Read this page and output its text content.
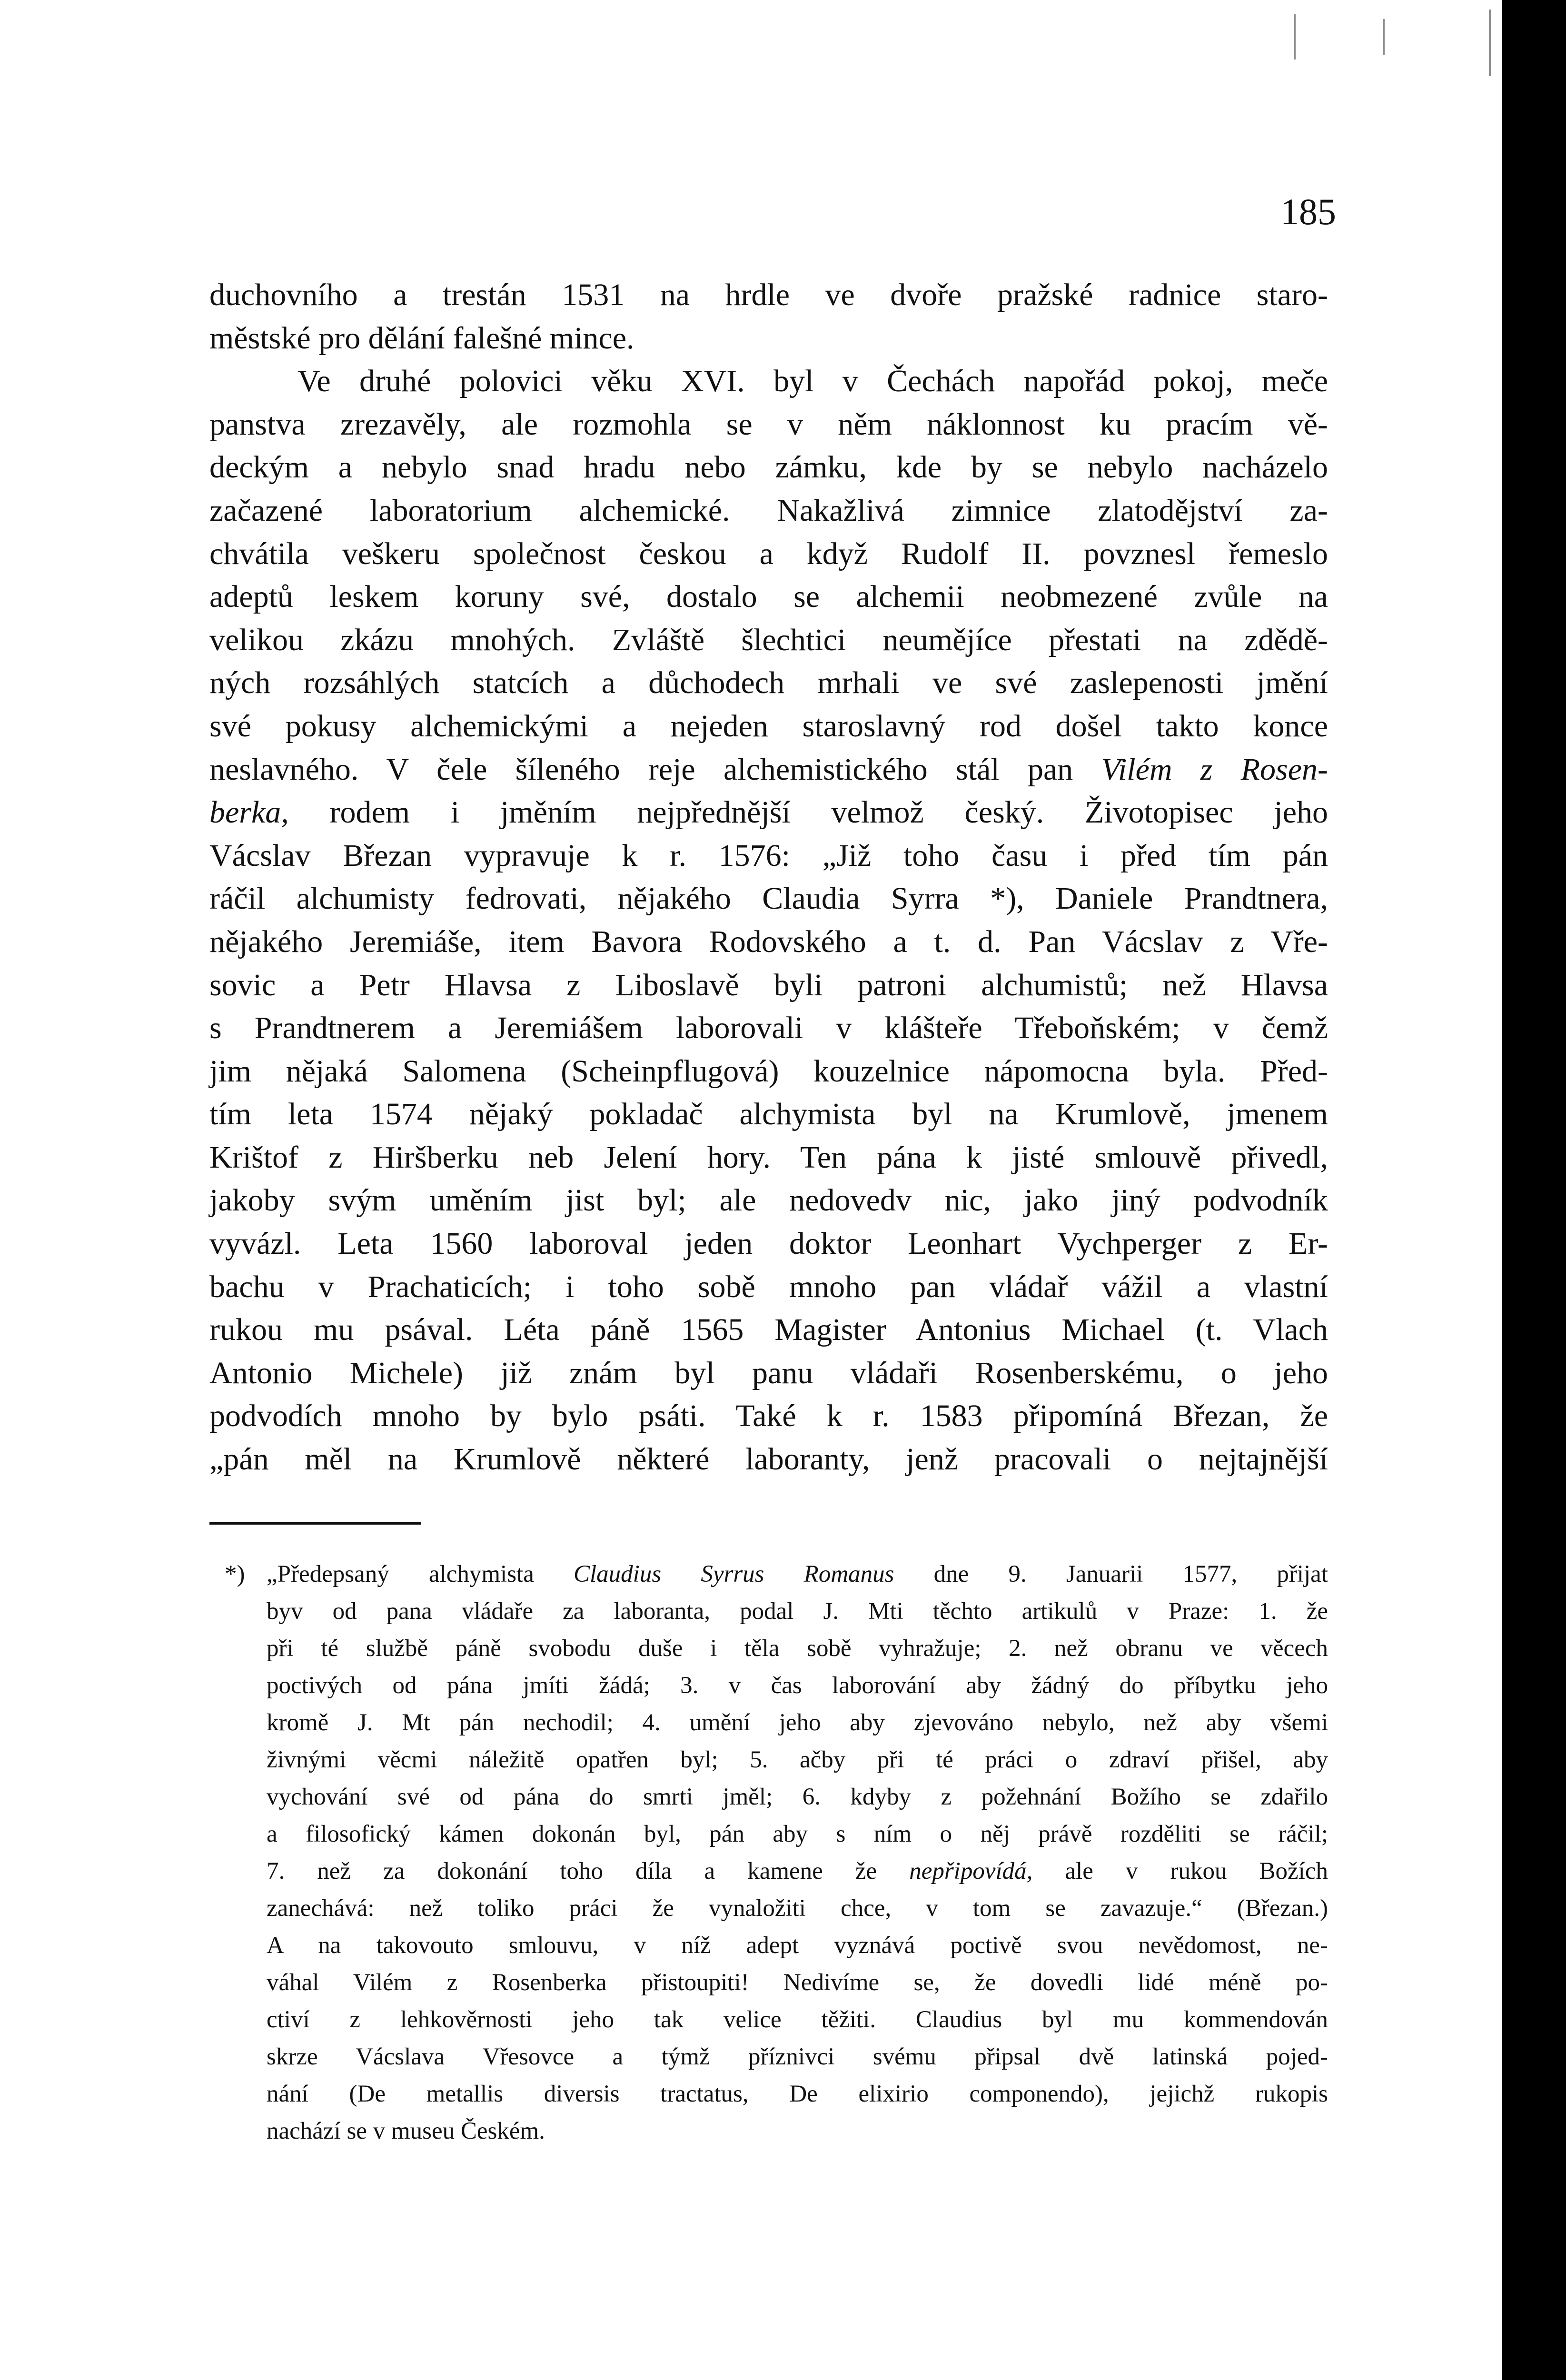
185
duchovního a trestán 1531 na hrdle ve dvoře pražské radnice staro-
městské pro dělání falešné mince.
Ve druhé polovici věku XVI. byl v Čechách napořád pokoj, meče
panstva zrezavěly, ale rozmohla se v něm náklonnost ku pracím vě-
deckým a nebylo snad hradu nebo zámku, kde by se nebylo nacházelo
začazené laboratorium alchemické. Nakažlivá zimnice zlatodějství za-
chvátila veškeru společnost českou a když Rudolf II. povznesl řemeslo
adeptů leskem koruny své, dostalo se alchemii neobmezené zvůle na
velikou zkázu mnohých. Zvláště šlechtici neumějíce přestati na zdědě-
ných rozsáhlých statcích a důchodech mrhali ve své zaslepenosti jmění
své pokusy alchemickými a nejeden staroslavný rod došel takto konce
neslavného. V čele šíleného reje alchemistického stál pan Vilém z Rosen-
berka, rodem i jměním nejpřednější velmož český. Životopisec jeho
Vácslav Březan vypravuje k r. 1576: „Již toho času i před tím pán
ráčil alchumisty fedrovati, nějakého Claudia Syrra *), Daniele Prandtnera,
nějakého Jeremiáše, item Bavora Rodovského a t. d. Pan Vácslav z Vře-
sovic a Petr Hlavsa z Liboslavě byli patroni alchumistů; než Hlavsa
s Prandtnerem a Jeremiášem laborovali v klášteře Třeboňském; v čemž
jim nějaká Salomena (Scheinpflugová) kouzelnice nápomocna byla. Před-
tím leta 1574 nějaký pokladač alchymista byl na Krumlově, jmenem
Krištof z Hiršberku neb Jelení hory. Ten pána k jisté smlouvě přivedl,
jakoby svým uměním jist byl; ale nedovedv nic, jako jiný podvodník
vyvázl. Leta 1560 laboroval jeden doktor Leonhart Vychperger z Er-
bachu v Prachaticích; i toho sobě mnoho pan vládař vážil a vlastní
rukou mu psával. Léta páně 1565 Magister Antonius Michael (t. Vlach
Antonio Michele) již znám byl panu vládaři Rosenberskému, o jeho
podvodích mnoho by bylo psáti. Také k r. 1583 připomíná Březan, že
„pán měl na Krumlově některé laboranty, jenž pracovali o nejtajnější
*) „Předepsaný alchymista Claudius Syrrus Romanus dne 9. Januarii 1577, přijat
byv od pana vládaře za laboranta, podal J. Mti těchto artikulů v Praze: 1. že
při té službě páně svobodu duše i těla sobě vyhražuje; 2. než obranu ve věcech
poctivých od pána jmíti žádá; 3. v čas laborování aby žádný do příbytku jeho
kromě J. Mt pán nechodil; 4. umění jeho aby zjevováno nebylo, než aby všemi
živnými věcmi náležitě opatřen byl; 5. ačby při té práci o zdraví přišel, aby
vychování své od pána do smrti jměl; 6. kdyby z požehnání Božího se zdařilo
a filosofický kámen dokonán byl, pán aby s ním o něj právě rozděliti se ráčil;
7. než za dokonání toho díla a kamene že nepřipovídá, ale v rukou Božích
zanechává: než toliko práci že vynaložiti chce, v tom se zavazuje.“ (Březan.)
A na takovouto smlouvu, v níž adept vyznává poctivě svou nevědomost, ne-
váhal Vilém z Rosenberka přistoupiti! Nedivíme se, že dovedli lidé méně po-
ctiví z lehkověrnosti jeho tak velice těžiti. Claudius byl mu kommendován
skrze Vácslava Vřesovce a týmž příznivci svému připsal dvě latinská pojed-
nání (De metallis diversis tractatus, De elixirio componendo), jejichž rukopis
nachází se v museu Českém.
